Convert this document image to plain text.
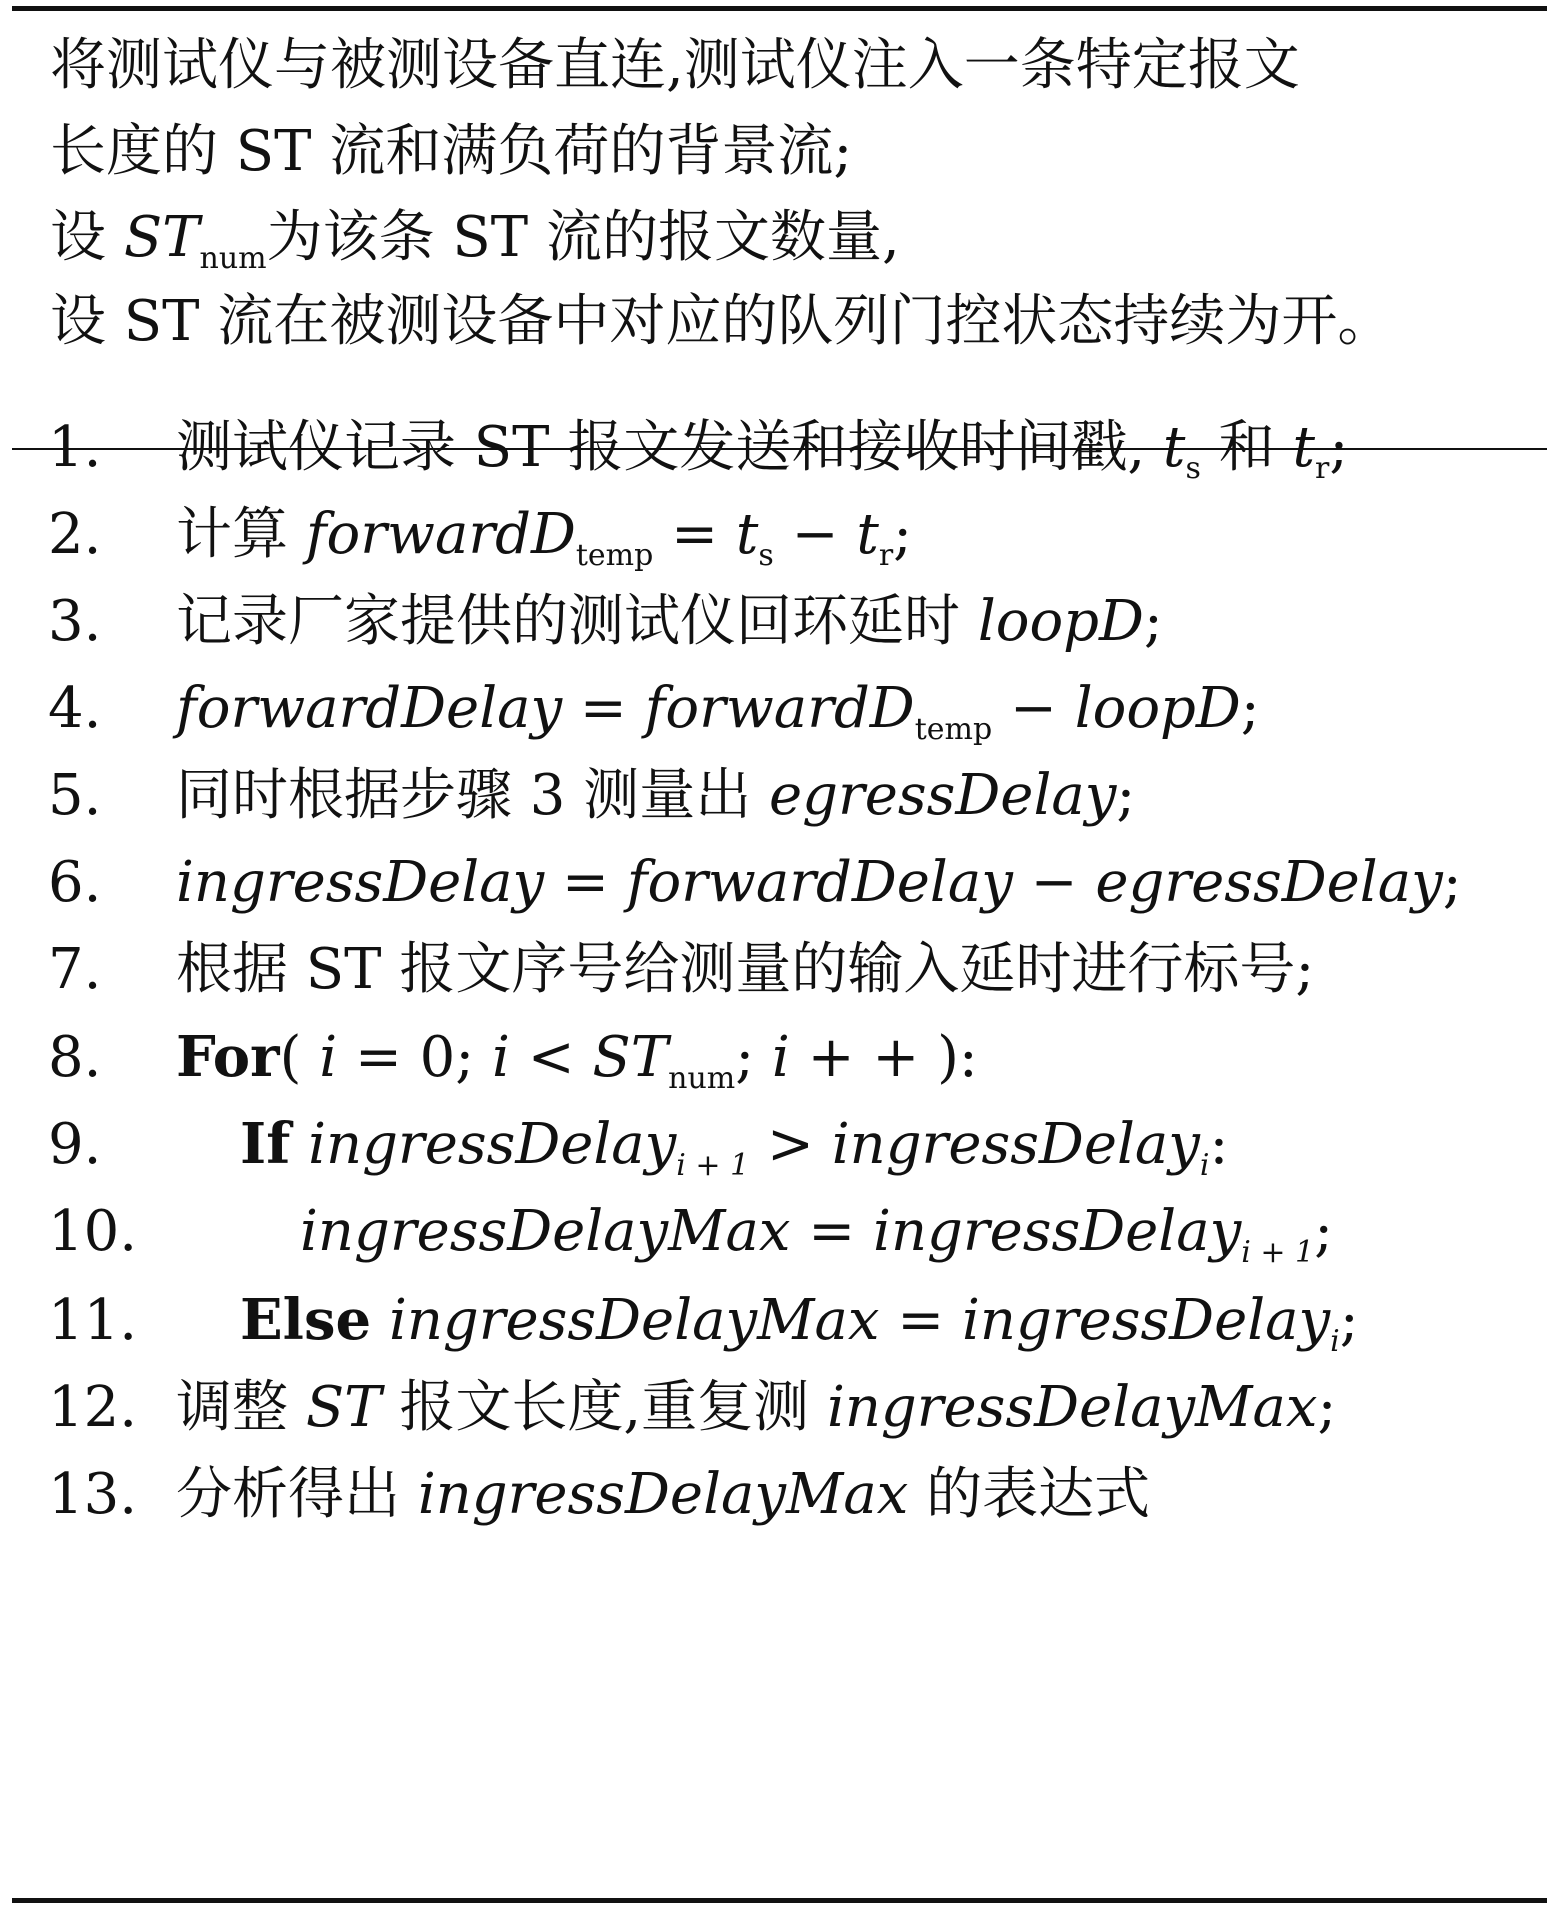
将测试仪与被测设备直连,测试仪注入一条特定报文
长度的 ST 流和满负荷的背景流;
设 $ST_{num}$为该条 ST 流的报文数量,
设 ST 流在被测设备中对应的队列门控状态持续为开。
1. 测试仪记录 ST 报文发送和接收时间戳, $t_s$ 和 $t_r$;
2. 计算 forwardD$_{temp}$ = $t_s - t_r$;
3. 记录厂家提供的测试仪回环延时 loopD;
4. forwardDelay = forwardD$_{temp}$ − loopD;
5. 同时根据步骤 3 测量出 egressDelay;
6. ingressDelay = forwardDelay − egressDelay;
7. 根据 ST 报文序号给测量的输入延时进行标号;
8. For( i = 0; $i < ST_{num}$; i + + ):
9. If ingressDelay$_{i + 1}$ > ingressDelay$_i$:
10.	ingressDelayMax = ingressDelay$_{i + 1}$;
11. Else ingressDelayMax = ingressDelay$_i$;
12. 调整 ST 报文长度,重复测 ingressDelayMax;
13. 分析得出 ingressDelayMax 的表达式
